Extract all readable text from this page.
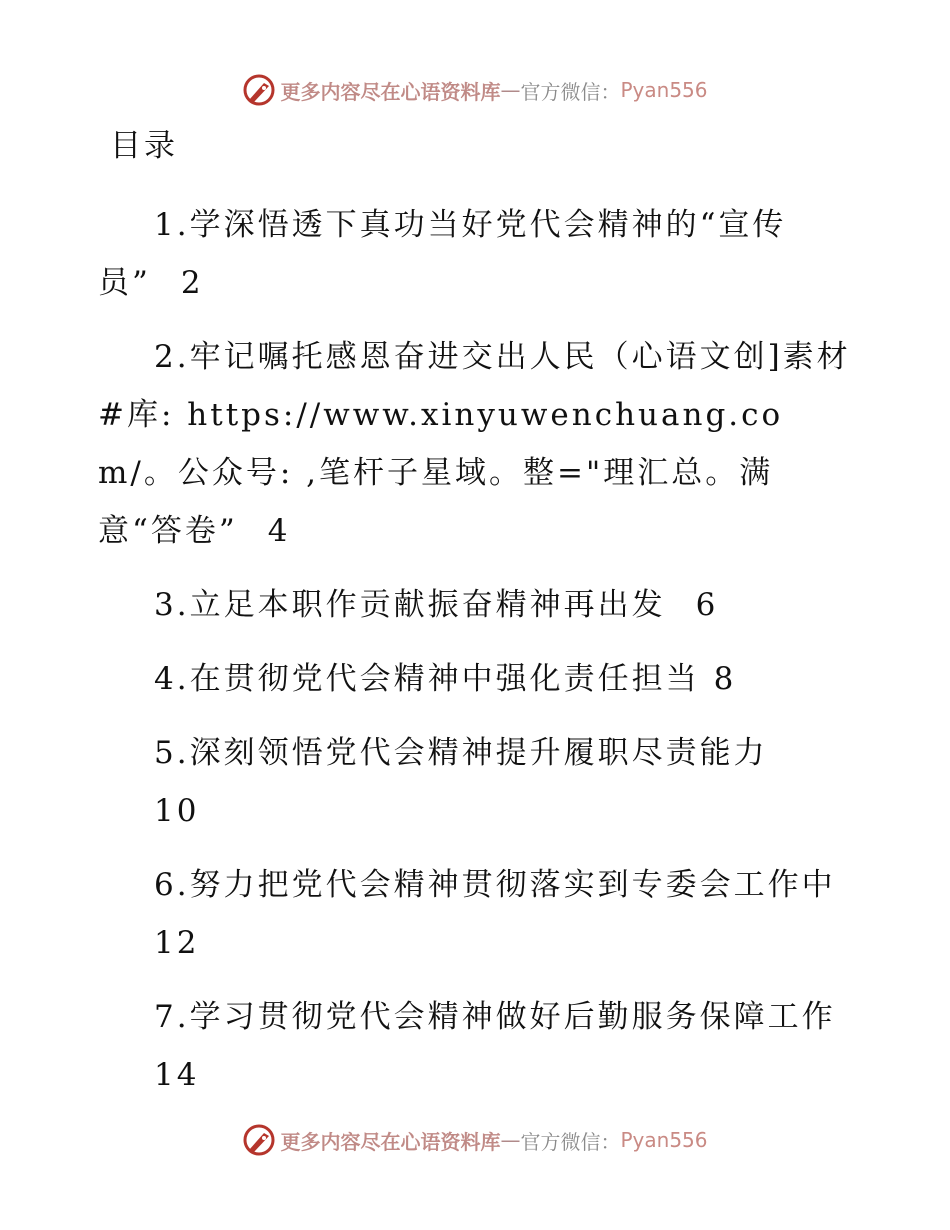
更多内容尽在心语资料库 — 官方微信： Pyan556
目录
1.学深悟透下真功当好党代会精神的“宣传员” 2
2.牢记嘱托感恩奋进交出人民（心语文创]素材#库: https://www.xinyuwenchuang.com/。公众号: ,笔杆子星域。整="理汇总。满意“答卷” 4
3.立足本职作贡献振奋精神再出发 6
4.在贯彻党代会精神中强化责任担当 8
5.深刻领悟党代会精神提升履职尽责能力
10
6.努力把党代会精神贯彻落实到专委会工作中
12
7.学习贯彻党代会精神做好后勤服务保障工作
14
更多内容尽在心语资料库 — 官方微信： Pyan556
